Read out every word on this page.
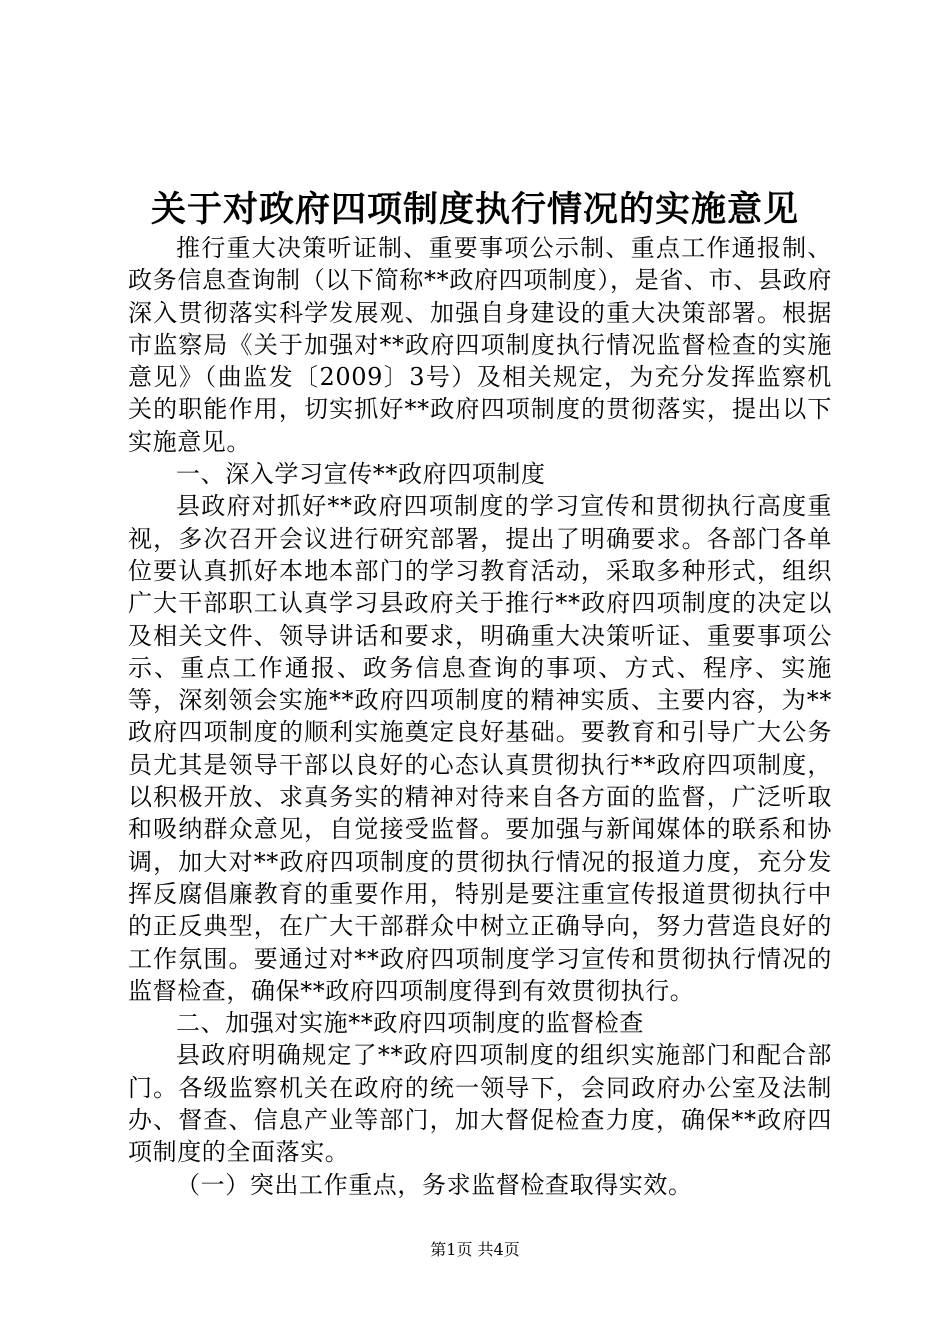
关于对政府四项制度执行情况的实施意见

推行重大决策听证制、重要事项公示制、重点工作通报制、政务信息查询制（以下简称**政府四项制度），是省、市、县政府深入贯彻落实科学发展观、加强自身建设的重大决策部署。根据市监察局《关于加强对**政府四项制度执行情况监督检查的实施意见》（曲监发〔2009〕3号）及相关规定，为充分发挥监察机关的职能作用，切实抓好**政府四项制度的贯彻落实，提出以下实施意见。

一、深入学习宣传**政府四项制度

县政府对抓好**政府四项制度的学习宣传和贯彻执行高度重视，多次召开会议进行研究部署，提出了明确要求。各部门各单位要认真抓好本地本部门的学习教育活动，采取多种形式，组织广大干部职工认真学习县政府关于推行**政府四项制度的决定以及相关文件、领导讲话和要求，明确重大决策听证、重要事项公示、重点工作通报、政务信息查询的事项、方式、程序、实施等，深刻领会实施**政府四项制度的精神实质、主要内容，为**政府四项制度的顺利实施奠定良好基础。要教育和引导广大公务员尤其是领导干部以良好的心态认真贯彻执行**政府四项制度，以积极开放、求真务实的精神对待来自各方面的监督，广泛听取和吸纳群众意见，自觉接受监督。要加强与新闻媒体的联系和协调，加大对**政府四项制度的贯彻执行情况的报道力度，充分发挥反腐倡廉教育的重要作用，特别是要注重宣传报道贯彻执行中的正反典型，在广大干部群众中树立正确导向，努力营造良好的工作氛围。要通过对**政府四项制度学习宣传和贯彻执行情况的监督检查，确保**政府四项制度得到有效贯彻执行。

二、加强对实施**政府四项制度的监督检查

县政府明确规定了**政府四项制度的组织实施部门和配合部门。各级监察机关在政府的统一领导下，会同政府办公室及法制办、督查、信息产业等部门，加大督促检查力度，确保**政府四项制度的全面落实。

（一）突出工作重点，务求监督检查取得实效。

第1页 共4页
